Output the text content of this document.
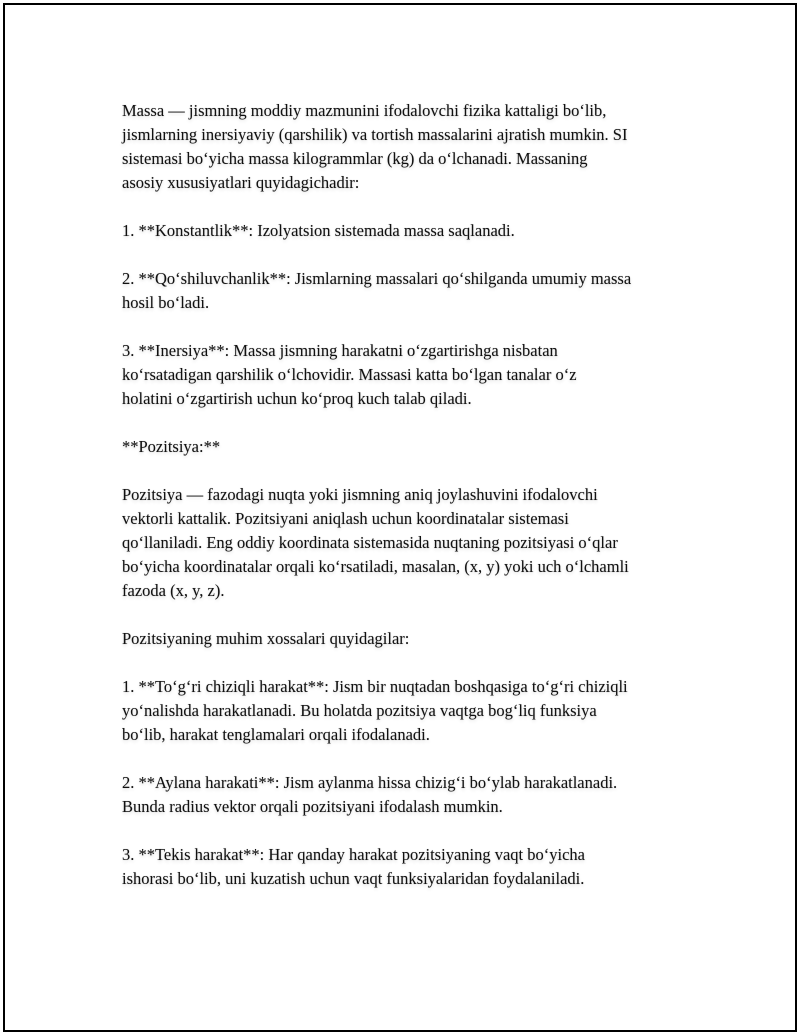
Massa — jismning moddiy mazmunini ifodalovchi fizika kattaligi bo‘lib,
jismlarning inersiyaviy (qarshilik) va tortish massalarini ajratish mumkin. SI
sistemasi bo‘yicha massa kilogrammlar (kg) da o‘lchanadi. Massaning
asosiy xususiyatlari quyidagichadir:

1. **Konstantlik**: Izolyatsion sistemada massa saqlanadi.

2. **Qo‘shiluvchanlik**: Jismlarning massalari qo‘shilganda umumiy massa
hosil bo‘ladi.

3. **Inersiya**: Massa jismning harakatni o‘zgartirishga nisbatan
ko‘rsatadigan qarshilik o‘lchovidir. Massasi katta bo‘lgan tanalar o‘z
holatini o‘zgartirish uchun ko‘proq kuch talab qiladi.

**Pozitsiya:**

Pozitsiya — fazodagi nuqta yoki jismning aniq joylashuvini ifodalovchi
vektorli kattalik. Pozitsiyani aniqlash uchun koordinatalar sistemasi
qo‘llaniladi. Eng oddiy koordinata sistemasida nuqtaning pozitsiyasi o‘qlar
bo‘yicha koordinatalar orqali ko‘rsatiladi, masalan, (x, y) yoki uch o‘lchamli
fazoda (x, y, z).

Pozitsiyaning muhim xossalari quyidagilar:

1. **To‘g‘ri chiziqli harakat**: Jism bir nuqtadan boshqasiga to‘g‘ri chiziqli
yo‘nalishda harakatlanadi. Bu holatda pozitsiya vaqtga bog‘liq funksiya
bo‘lib, harakat tenglamalari orqali ifodalanadi.

2. **Aylana harakati**: Jism aylanma hissa chizig‘i bo‘ylab harakatlanadi.
Bunda radius vektor orqali pozitsiyani ifodalash mumkin.

3. **Tekis harakat**: Har qanday harakat pozitsiyaning vaqt bo‘yicha
ishorasi bo‘lib, uni kuzatish uchun vaqt funksiyalaridan foydalaniladi.
